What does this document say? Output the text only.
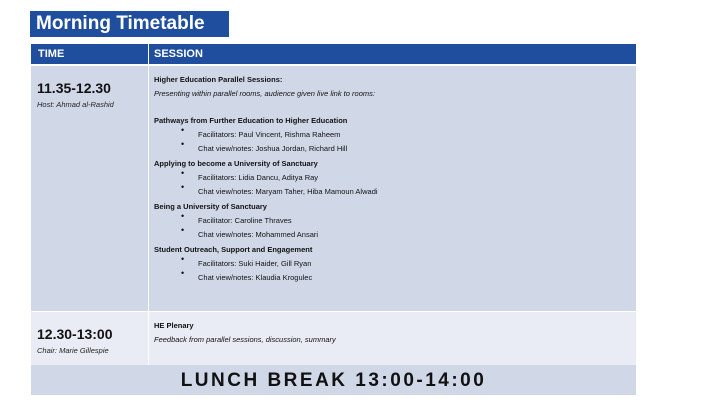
Morning Timetable
TIME	SESSION
11.35-12.30
Host: Ahmad al-Rashid
Higher Education Parallel Sessions:
Presenting within parallel rooms, audience given live link to rooms:
Pathways from Further Education to Higher Education
• Facilitators: Paul Vincent, Rishma Raheem
• Chat view/notes: Joshua Jordan, Richard Hill
Applying to become a University of Sanctuary
• Facilitators: Lidia Dancu, Aditya Ray
• Chat view/notes: Maryam Taher, Hiba Mamoun Alwadi
Being a University of Sanctuary
• Facilitator: Caroline Thraves
• Chat view/notes: Mohammed Ansari
Student Outreach, Support and Engagement
• Facilitators: Suki Haider, Gill Ryan
• Chat view/notes: Klaudia Krogulec
12.30-13:00
Chair: Marie Gillespie
HE Plenary
Feedback from parallel sessions, discussion, summary
LUNCH BREAK 13:00-14:00
